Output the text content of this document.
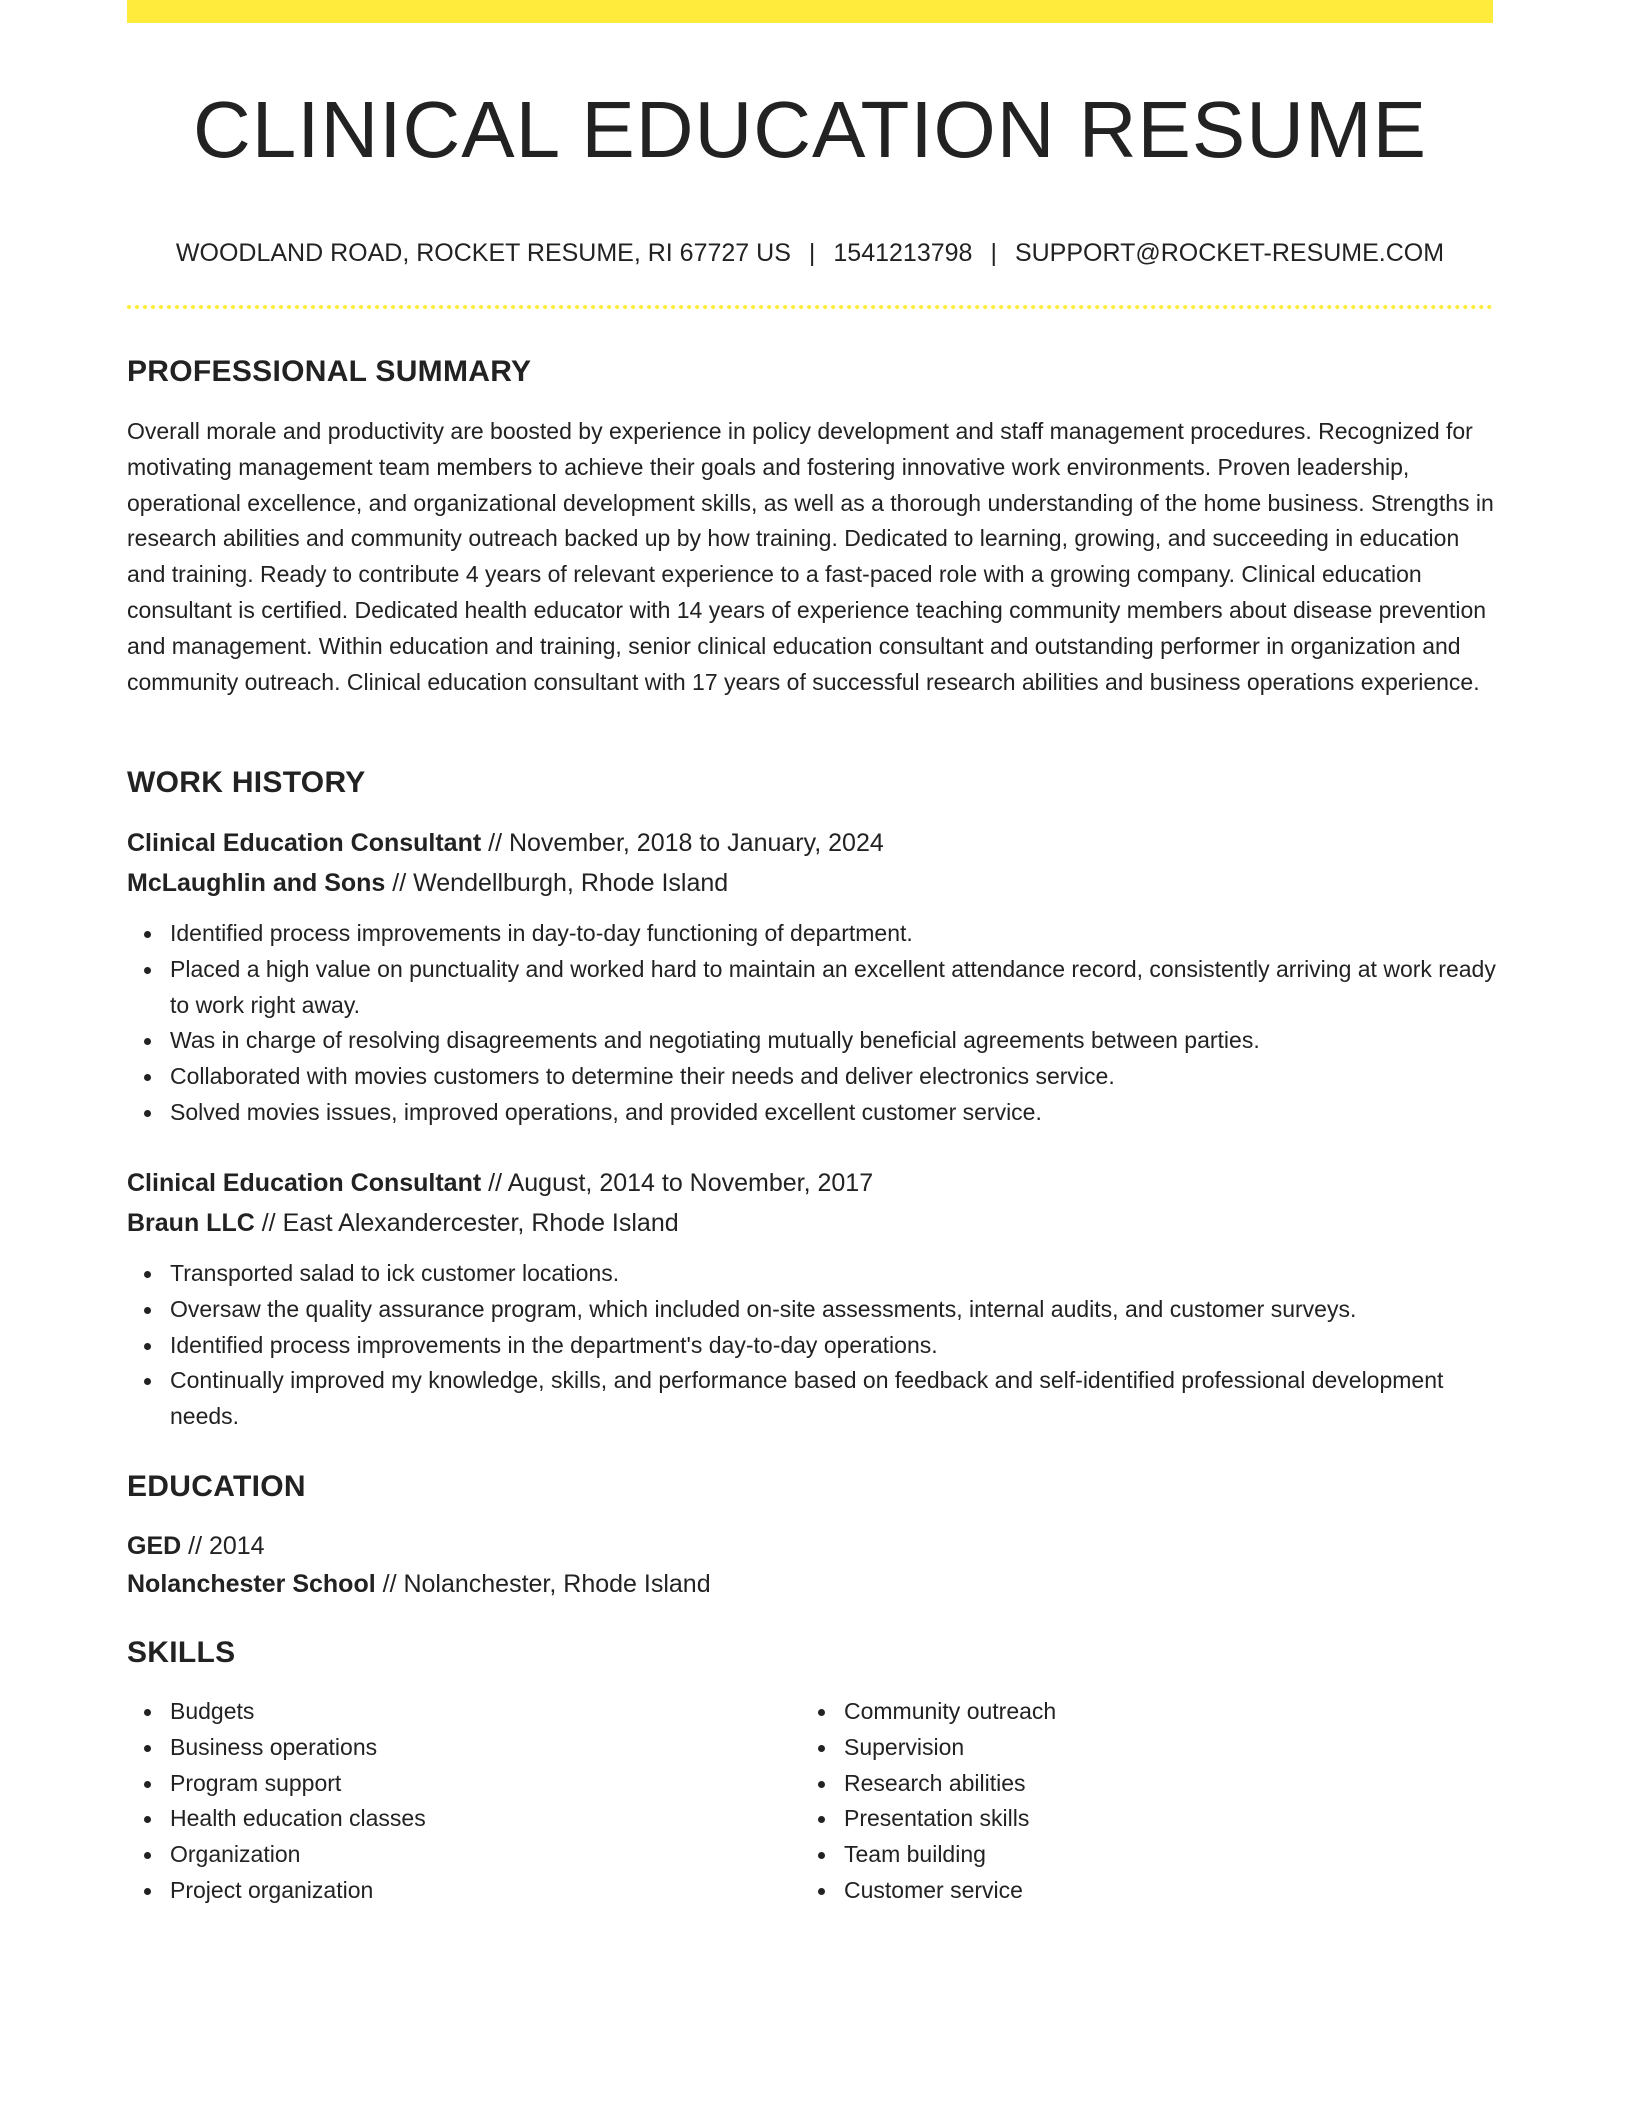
CLINICAL EDUCATION RESUME
WOODLAND ROAD, ROCKET RESUME, RI 67727 US | 1541213798 | SUPPORT@ROCKET-RESUME.COM
PROFESSIONAL SUMMARY

Overall morale and productivity are boosted by experience in policy development and staff management procedures. Recognized for motivating management team members to achieve their goals and fostering innovative work environments. Proven leadership, operational excellence, and organizational development skills, as well as a thorough understanding of the home business. Strengths in research abilities and community outreach backed up by how training. Dedicated to learning, growing, and succeeding in education and training. Ready to contribute 4 years of relevant experience to a fast-paced role with a growing company. Clinical education consultant is certified. Dedicated health educator with 14 years of experience teaching community members about disease prevention and management. Within education and training, senior clinical education consultant and outstanding performer in organization and community outreach. Clinical education consultant with 17 years of successful research abilities and business operations experience.

WORK HISTORY
Clinical Education Consultant // November, 2018 to January, 2024
McLaughlin and Sons // Wendellburgh, Rhode Island
Identified process improvements in day-to-day functioning of department.
Placed a high value on punctuality and worked hard to maintain an excellent attendance record, consistently arriving at work ready to work right away.
Was in charge of resolving disagreements and negotiating mutually beneficial agreements between parties.
Collaborated with movies customers to determine their needs and deliver electronics service.
Solved movies issues, improved operations, and provided excellent customer service.
Clinical Education Consultant // August, 2014 to November, 2017
Braun LLC // East Alexandercester, Rhode Island
Transported salad to ick customer locations.
Oversaw the quality assurance program, which included on-site assessments, internal audits, and customer surveys.
Identified process improvements in the department's day-to-day operations.
Continually improved my knowledge, skills, and performance based on feedback and self-identified professional development needs.
EDUCATION
GED // 2014
Nolanchester School // Nolanchester, Rhode Island
SKILLS
Budgets
Business operations
Program support
Health education classes
Organization
Project organization
Community outreach
Supervision
Research abilities
Presentation skills
Team building
Customer service
